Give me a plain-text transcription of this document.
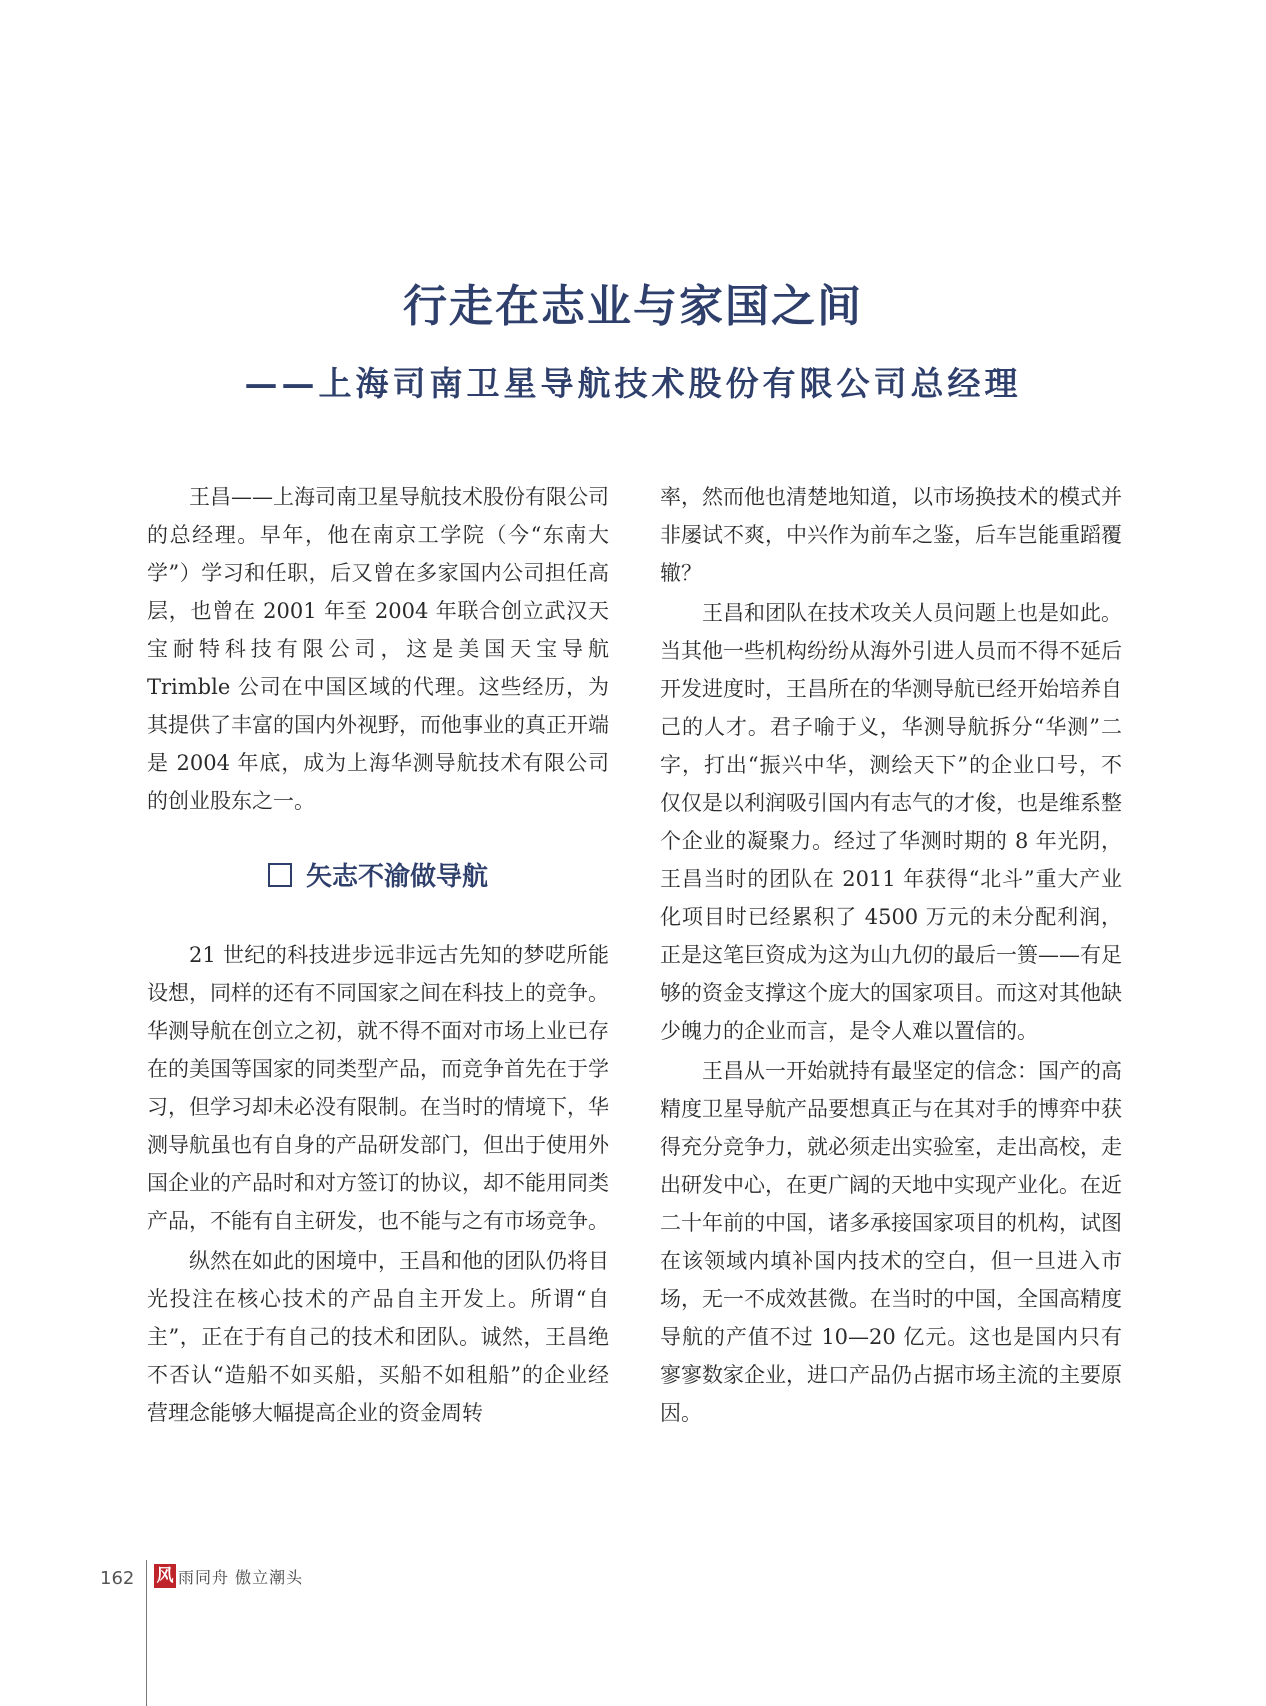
行走在志业与家国之间
——上海司南卫星导航技术股份有限公司总经理

王昌——上海司南卫星导航技术股份有限公司的总经理。早年，他在南京工学院（今“东南大学”）学习和任职，后又曾在多家国内公司担任高层，也曾在 2001 年至 2004 年联合创立武汉天宝耐特科技有限公司，这是美国天宝导航 Trimble 公司在中国区域的代理。这些经历，为其提供了丰富的国内外视野，而他事业的真正开端是 2004 年底，成为上海华测导航技术有限公司的创业股东之一。

矢志不渝做导航

21 世纪的科技进步远非远古先知的梦呓所能设想，同样的还有不同国家之间在科技上的竞争。华测导航在创立之初，就不得不面对市场上业已存在的美国等国家的同类型产品，而竞争首先在于学习，但学习却未必没有限制。在当时的情境下，华测导航虽也有自身的产品研发部门，但出于使用外国企业的产品时和对方签订的协议，却不能用同类产品，不能有自主研发，也不能与之有市场竞争。

纵然在如此的困境中，王昌和他的团队仍将目光投注在核心技术的产品自主开发上。所谓“自主”，正在于有自己的技术和团队。诚然，王昌绝不否认“造船不如买船，买船不如租船”的企业经营理念能够大幅提高企业的资金周转

率，然而他也清楚地知道，以市场换技术的模式并非屡试不爽，中兴作为前车之鉴，后车岂能重蹈覆辙？

王昌和团队在技术攻关人员问题上也是如此。当其他一些机构纷纷从海外引进人员而不得不延后开发进度时，王昌所在的华测导航已经开始培养自己的人才。君子喻于义，华测导航拆分“华测”二字，打出“振兴中华，测绘天下”的企业口号，不仅仅是以利润吸引国内有志气的才俊，也是维系整个企业的凝聚力。经过了华测时期的 8 年光阴，王昌当时的团队在 2011 年获得“北斗”重大产业化项目时已经累积了 4500 万元的未分配利润，正是这笔巨资成为这为山九仞的最后一篑——有足够的资金支撑这个庞大的国家项目。而这对其他缺少魄力的企业而言，是令人难以置信的。

王昌从一开始就持有最坚定的信念：国产的高精度卫星导航产品要想真正与在其对手的博弈中获得充分竞争力，就必须走出实验室，走出高校，走出研发中心，在更广阔的天地中实现产业化。在近二十年前的中国，诸多承接国家项目的机构，试图在该领域内填补国内技术的空白，但一旦进入市场，无一不成效甚微。在当时的中国，全国高精度导航的产值不过 10—20 亿元。这也是国内只有寥寥数家企业，进口产品仍占据市场主流的主要原因。

162	风 雨同舟 傲立潮头
